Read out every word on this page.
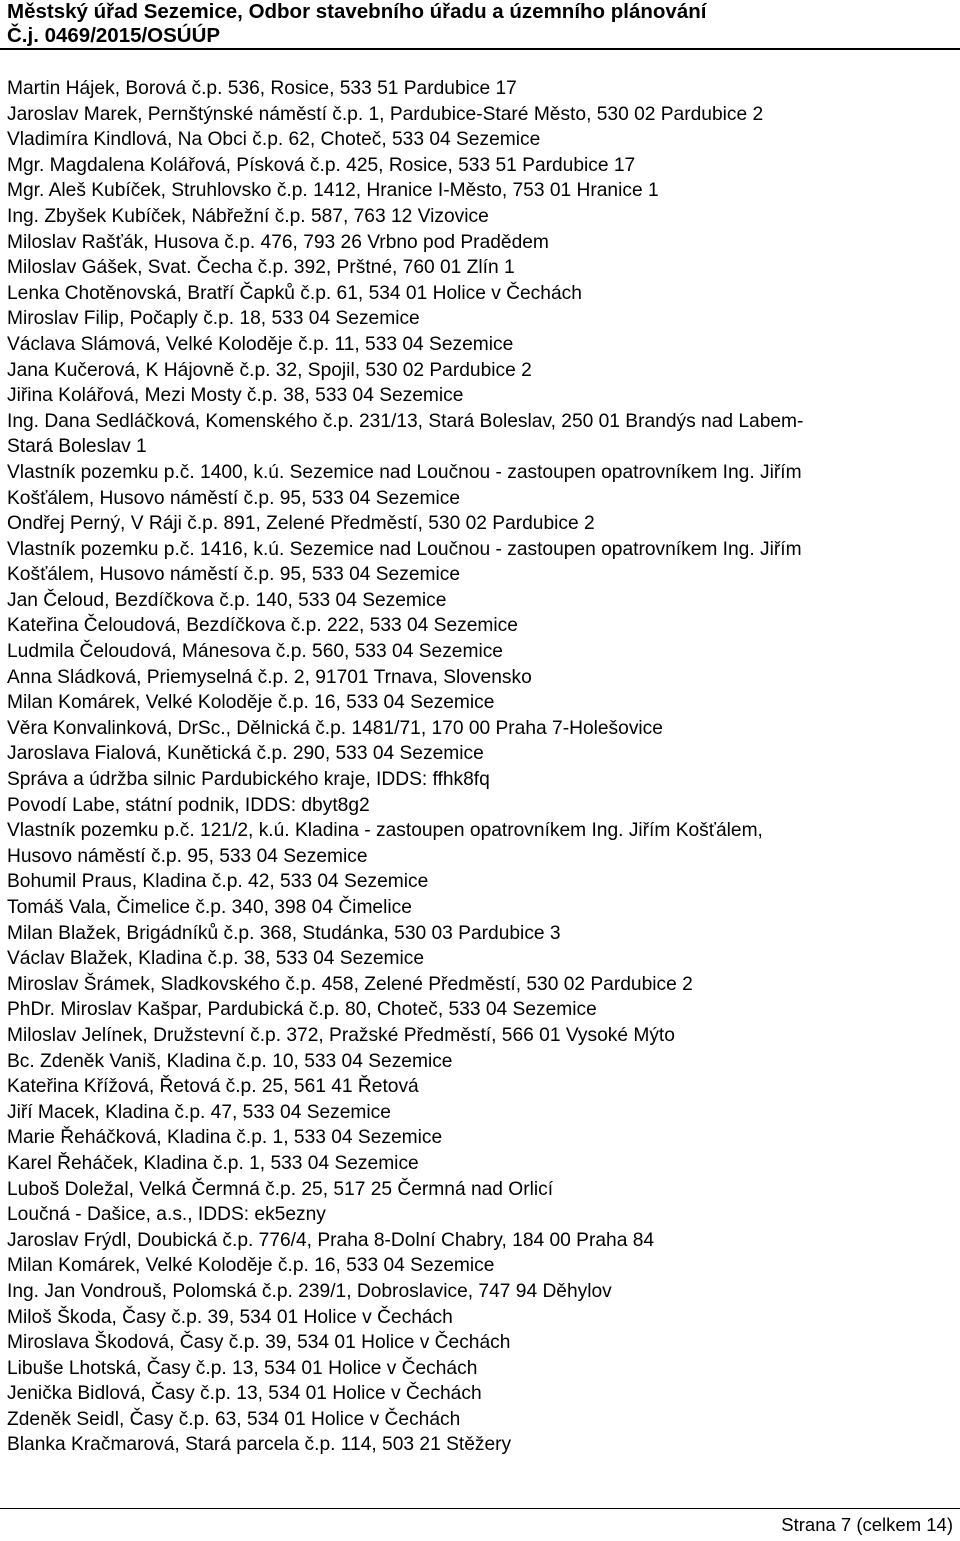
Městský úřad Sezemice, Odbor stavebního úřadu a územního plánování
Č.j. 0469/2015/OSÚÚP
Martin Hájek, Borová č.p. 536, Rosice, 533 51 Pardubice 17
Jaroslav Marek, Pernštýnské náměstí č.p. 1, Pardubice-Staré Město, 530 02 Pardubice 2
Vladimíra Kindlová, Na Obci č.p. 62, Choteč, 533 04 Sezemice
Mgr. Magdalena Kolářová, Písková č.p. 425, Rosice, 533 51 Pardubice 17
Mgr. Aleš Kubíček, Struhlovsko č.p. 1412, Hranice I-Město, 753 01 Hranice 1
Ing. Zbyšek Kubíček, Nábřežní č.p. 587, 763 12 Vizovice
Miloslav Rašťák, Husova č.p. 476, 793 26 Vrbno pod Pradědem
Miloslav Gášek, Svat. Čecha č.p. 392, Prštné, 760 01 Zlín 1
Lenka Chotěnovská, Bratří Čapků č.p. 61, 534 01 Holice v Čechách
Miroslav Filip, Počaply č.p. 18, 533 04 Sezemice
Václava Slámová, Velké Koloděje č.p. 11, 533 04 Sezemice
Jana Kučerová, K Hájovně č.p. 32, Spojil, 530 02 Pardubice 2
Jiřina Kolářová, Mezi Mosty č.p. 38, 533 04 Sezemice
Ing. Dana Sedláčková, Komenského č.p. 231/13, Stará Boleslav, 250 01 Brandýs nad Labem-
Stará Boleslav 1
Vlastník pozemku p.č. 1400, k.ú. Sezemice nad Loučnou - zastoupen opatrovníkem Ing. Jiřím
Košťálem, Husovo náměstí č.p. 95, 533 04 Sezemice
Ondřej Perný, V Ráji č.p. 891, Zelené Předměstí, 530 02 Pardubice 2
Vlastník pozemku p.č. 1416, k.ú. Sezemice nad Loučnou - zastoupen opatrovníkem Ing. Jiřím
Košťálem, Husovo náměstí č.p. 95, 533 04 Sezemice
Jan Čeloud, Bezdíčkova č.p. 140, 533 04 Sezemice
Kateřina Čeloudová, Bezdíčkova č.p. 222, 533 04 Sezemice
Ludmila Čeloudová, Mánesova č.p. 560, 533 04 Sezemice
Anna Sládková, Priemyselná č.p. 2, 91701 Trnava, Slovensko
Milan Komárek, Velké Koloděje č.p. 16, 533 04 Sezemice
Věra Konvalinková, DrSc., Dělnická č.p. 1481/71, 170 00 Praha 7-Holešovice
Jaroslava Fialová, Kunětická č.p. 290, 533 04 Sezemice
Správa a údržba silnic Pardubického kraje, IDDS: ffhk8fq
Povodí Labe, státní podnik, IDDS: dbyt8g2
Vlastník pozemku p.č. 121/2, k.ú. Kladina - zastoupen opatrovníkem Ing. Jiřím Košťálem,
Husovo náměstí č.p. 95, 533 04 Sezemice
Bohumil Praus, Kladina č.p. 42, 533 04 Sezemice
Tomáš Vala, Čimelice č.p. 340, 398 04 Čimelice
Milan Blažek, Brigádníků č.p. 368, Studánka, 530 03 Pardubice 3
Václav Blažek, Kladina č.p. 38, 533 04 Sezemice
Miroslav Šrámek, Sladkovského č.p. 458, Zelené Předměstí, 530 02 Pardubice 2
PhDr. Miroslav Kašpar, Pardubická č.p. 80, Choteč, 533 04 Sezemice
Miloslav Jelínek, Družstevní č.p. 372, Pražské Předměstí, 566 01 Vysoké Mýto
Bc. Zdeněk Vaniš, Kladina č.p. 10, 533 04 Sezemice
Kateřina Křížová, Řetová č.p. 25, 561 41 Řetová
Jiří Macek, Kladina č.p. 47, 533 04 Sezemice
Marie Řeháčková, Kladina č.p. 1, 533 04 Sezemice
Karel Řeháček, Kladina č.p. 1, 533 04 Sezemice
Luboš Doležal, Velká Čermná č.p. 25, 517 25 Čermná nad Orlicí
Loučná - Dašice, a.s., IDDS: ek5ezny
Jaroslav Frýdl, Doubická č.p. 776/4, Praha 8-Dolní Chabry, 184 00 Praha 84
Milan Komárek, Velké Koloděje č.p. 16, 533 04 Sezemice
Ing. Jan Vondrouš, Polomská č.p. 239/1, Dobroslavice, 747 94 Děhylov
Miloš Škoda, Časy č.p. 39, 534 01 Holice v Čechách
Miroslava Škodová, Časy č.p. 39, 534 01 Holice v Čechách
Libuše Lhotská, Časy č.p. 13, 534 01 Holice v Čechách
Jenička Bidlová, Časy č.p. 13, 534 01 Holice v Čechách
Zdeněk Seidl, Časy č.p. 63, 534 01 Holice v Čechách
Blanka Kračmarová, Stará parcela č.p. 114, 503 21 Stěžery
Strana 7 (celkem 14)
